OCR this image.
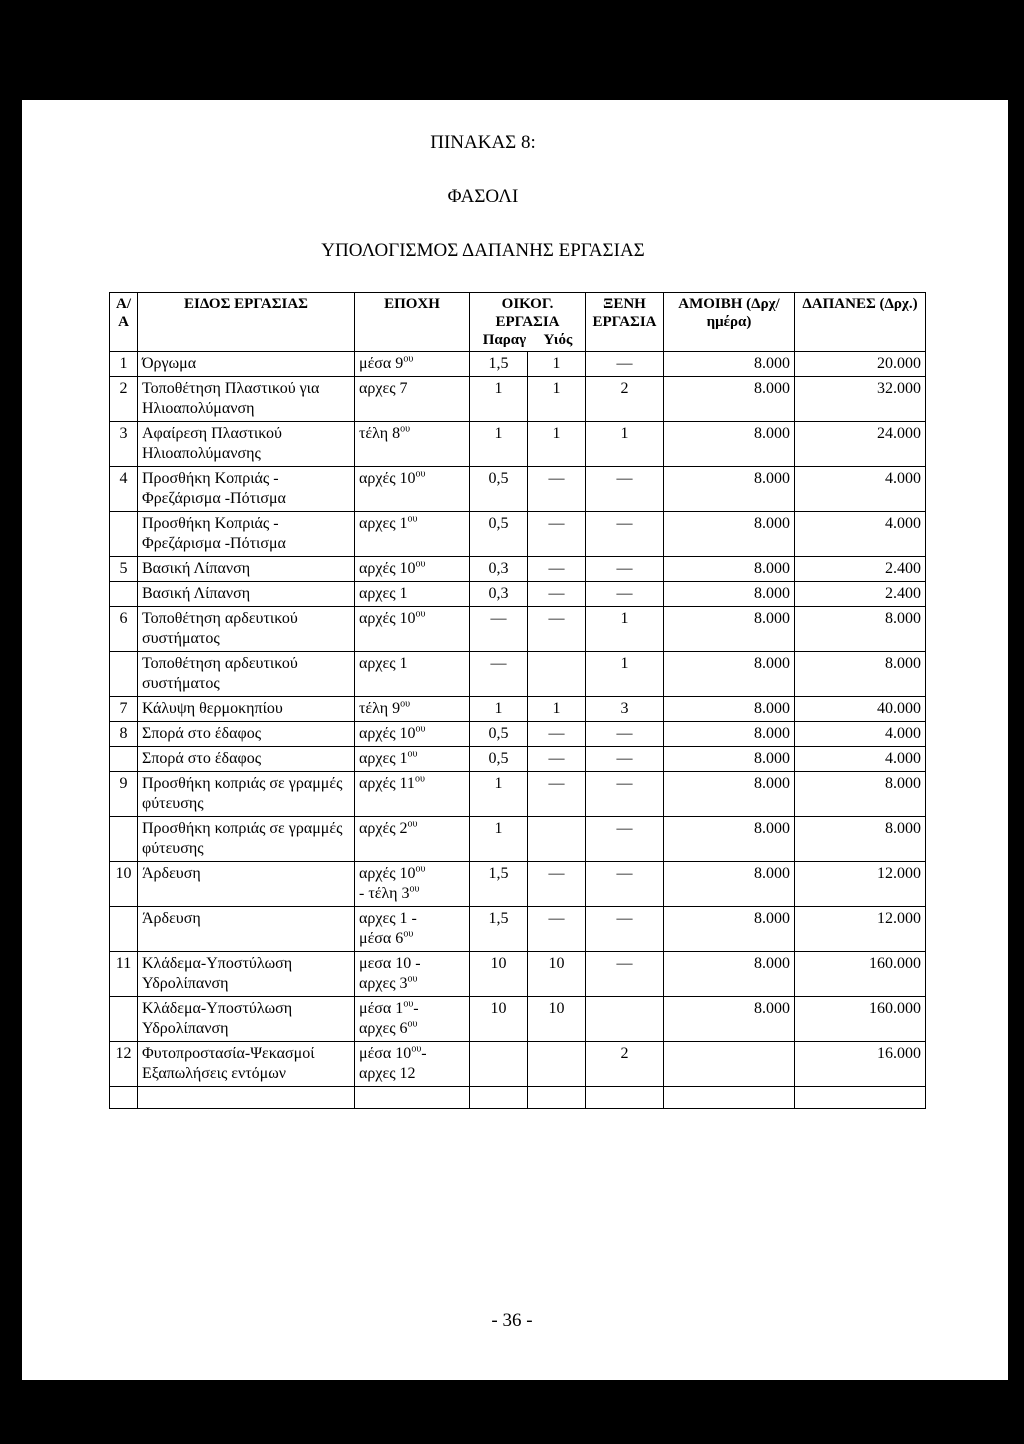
ΠΙΝΑΚΑΣ 8:
ΦΑΣΟΛΙ
ΥΠΟΛΟΓΙΣΜΟΣ ΔΑΠΑΝΗΣ ΕΡΓΑΣΙΑΣ
Α/Α	ΕΙΔΟΣ ΕΡΓΑΣΙΑΣ	ΕΠΟΧΗ	ΟΙΚΟΓ. ΕΡΓΑΣΙΑ
Παραγ Υιός		ΞΕΝΗ ΕΡΓΑΣΙΑ	ΑΜΟΙΒΗ (Δρχ/ημέρα)	ΔΑΠΑΝΕΣ (Δρχ.)
1	Όργωμα	μέσα $9^{o\upsilon}$	1,5	1	—	8.000	20.000
2	Τοποθέτηση Πλαστικού για Ηλιοαπολύμανση	αρχες 7	1	1	2	8.000	32.000
3	Αφαίρεση Πλαστικού Ηλιοαπολύμανσης	τέλη $8^{o\upsilon}$	1	1	1	8.000	24.000
4	Προσθήκη Κοπριάς - Φρεζάρισμα -Πότισμα	αρχές $10^{o\upsilon}$	0,5	—	—	8.000	4.000
	Προσθήκη Κοπριάς - Φρεζάρισμα -Πότισμα	αρχες $1^{o\upsilon}$	0,5	—	—	8.000	4.000
5	Βασική Λίπανση	αρχές $10^{o\upsilon}$	0,3	—	—	8.000	2.400
	Βασική Λίπανση	αρχες 1	0,3	—	—	8.000	2.400
6	Τοποθέτηση αρδευτικού συστήματος	αρχές $10^{o\upsilon}$	—	—	1	8.000	8.000
	Τοποθέτηση αρδευτικού συστήματος	αρχες 1	—		1	8.000	8.000
7	Κάλυψη θερμοκηπίου	τέλη $9^{o\upsilon}$	1	1	3	8.000	40.000
8	Σπορά στο έδαφος	αρχές $10^{o\upsilon}$	0,5	—	—	8.000	4.000
	Σπορά στο έδαφος	αρχες $1^{o\upsilon}$	0,5	—	—	8.000	4.000
9	Προσθήκη κοπριάς σε γραμμές φύτευσης	αρχές $11^{o\upsilon}$	1	—	—	8.000	8.000
	Προσθήκη κοπριάς σε γραμμές φύτευσης	αρχές $2^{o\upsilon}$	1		—	8.000	8.000
10	Άρδευση	αρχές $10^{o\upsilon}$
- τέλη $3^{o\upsilon}$	1,5	—	—	8.000	12.000
	Άρδευση	αρχες 1 -
μέσα $6^{o\upsilon}$	1,5	—	—	8.000	12.000
11	Κλάδεμα-Υποστύλωση Υδρολίπανση	μεσα 10 -
αρχες $3^{o\upsilon}$	10	10	—	8.000	160.000
	Κλάδεμα-Υποστύλωση Υδρολίπανση	μέσα $1^{o\upsilon}-$
αρχες $6^{o\upsilon}$	10	10		8.000	160.000
12	Φυτοπροστασία-Ψεκασμοί Εξαπωλήσεις εντόμων	μέσα $10^{o\upsilon}-$
αρχες 12			2		16.000

- 36 -
